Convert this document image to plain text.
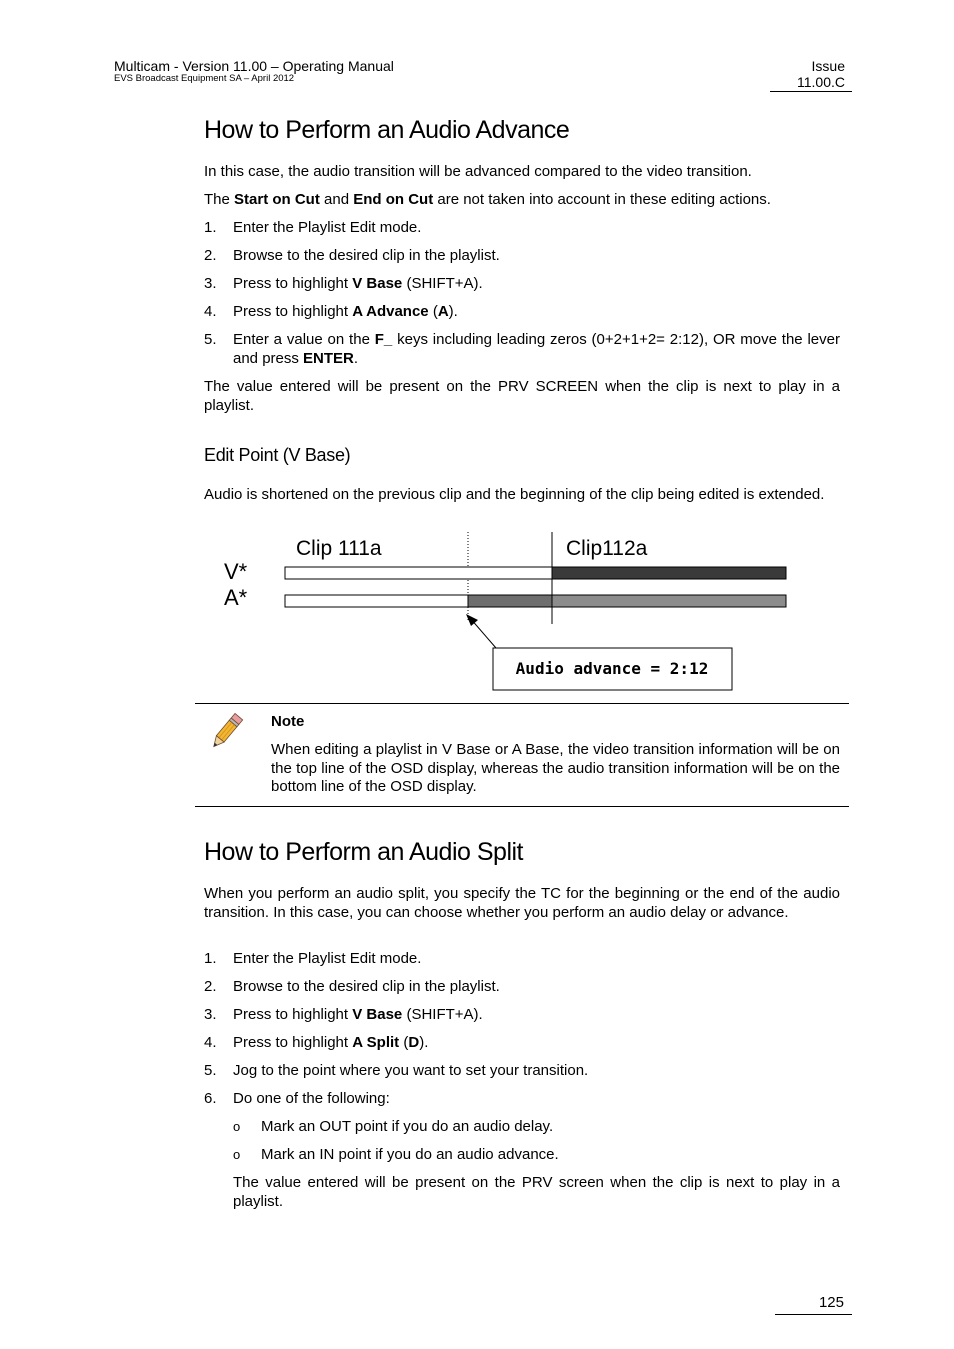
Multicam - Version 11.00 – Operating Manual
EVS Broadcast Equipment SA – April 2012
Issue
11.00.C
How to Perform an Audio Advance
In this case, the audio transition will be advanced compared to the video transition.
The Start on Cut and End on Cut are not taken into account in these editing actions.
1. Enter the Playlist Edit mode.
2. Browse to the desired clip in the playlist.
3. Press to highlight V Base (SHIFT+A).
4. Press to highlight A Advance (A).
5. Enter a value on the F_ keys including leading zeros (0+2+1+2= 2:12), OR move the lever and press ENTER.
The value entered will be present on the PRV SCREEN when the clip is next to play in a playlist.
Edit Point (V Base)
Audio is shortened on the previous clip and the beginning of the clip being edited is extended.
Clip 111a	Clip112a
V*
A*
Audio advance = 2:12
Note
When editing a playlist in V Base or A Base, the video transition information will be on the top line of the OSD display, whereas the audio transition information will be on the bottom line of the OSD display.
How to Perform an Audio Split
When you perform an audio split, you specify the TC for the beginning or the end of the audio transition. In this case, you can choose whether you perform an audio delay or advance.
1. Enter the Playlist Edit mode.
2. Browse to the desired clip in the playlist.
3. Press to highlight V Base (SHIFT+A).
4. Press to highlight A Split (D).
5. Jog to the point where you want to set your transition.
6. Do one of the following:
o Mark an OUT point if you do an audio delay.
o Mark an IN point if you do an audio advance.
The value entered will be present on the PRV screen when the clip is next to play in a playlist.
125
